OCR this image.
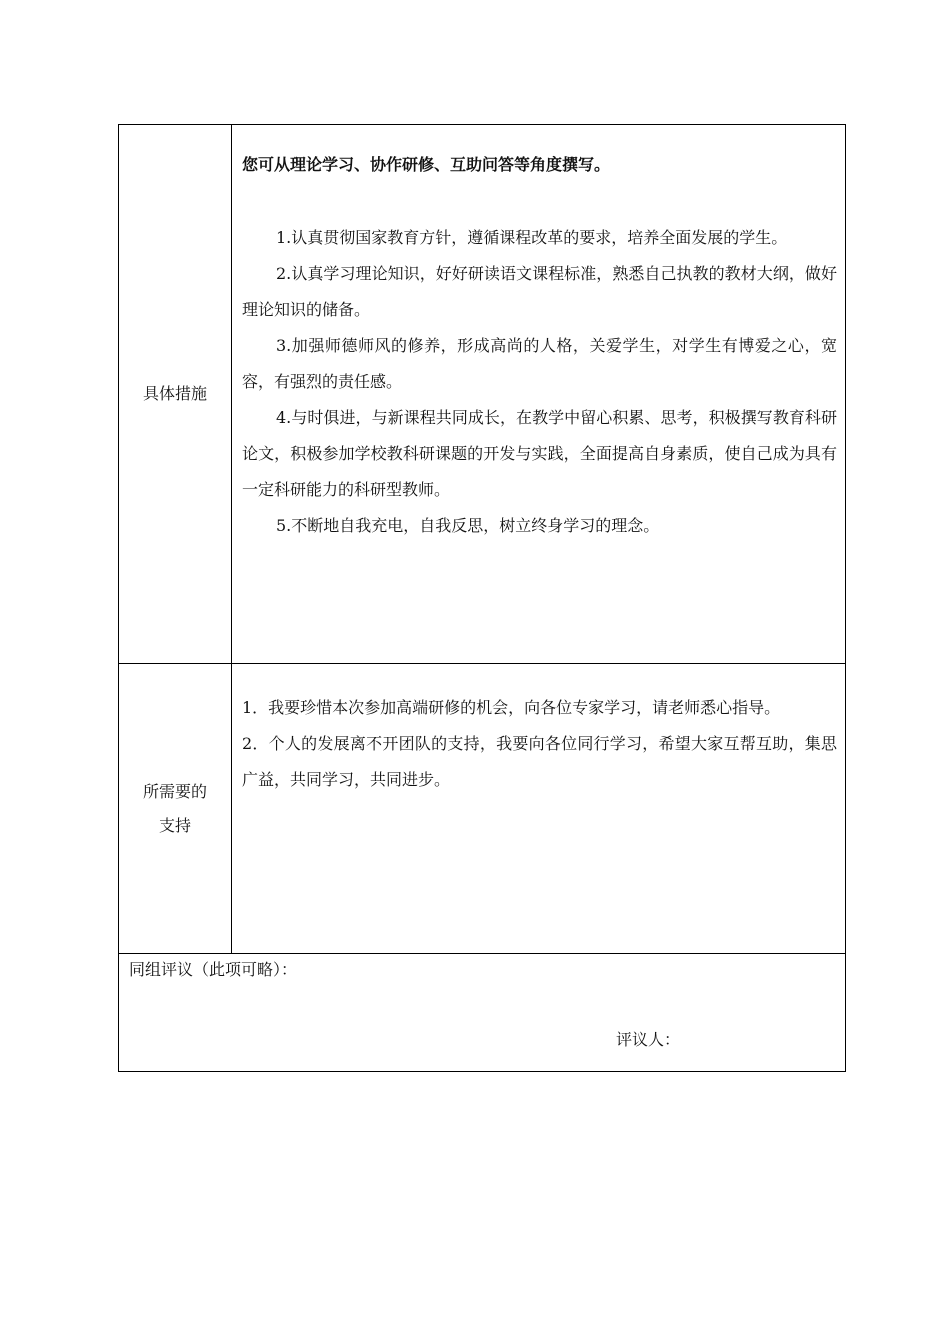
具体措施
您可从理论学习、协作研修、互助问答等角度撰写。
1.认真贯彻国家教育方针，遵循课程改革的要求，培养全面发展的学生。
2.认真学习理论知识，好好研读语文课程标准，熟悉自己执教的教材大纲，做好理论知识的储备。
3.加强师德师风的修养，形成高尚的人格，关爱学生，对学生有博爱之心，宽容，有强烈的责任感。
4.与时俱进，与新课程共同成长，在教学中留心积累、思考，积极撰写教育科研论文，积极参加学校教科研课题的开发与实践，全面提高自身素质，使自己成为具有一定科研能力的科研型教师。
5.不断地自我充电，自我反思，树立终身学习的理念。
所需要的
支持
1．我要珍惜本次参加高端研修的机会，向各位专家学习，请老师悉心指导。
2．个人的发展离不开团队的支持，我要向各位同行学习，希望大家互帮互助，集思广益，共同学习，共同进步。
同组评议（此项可略）：
评议人：
